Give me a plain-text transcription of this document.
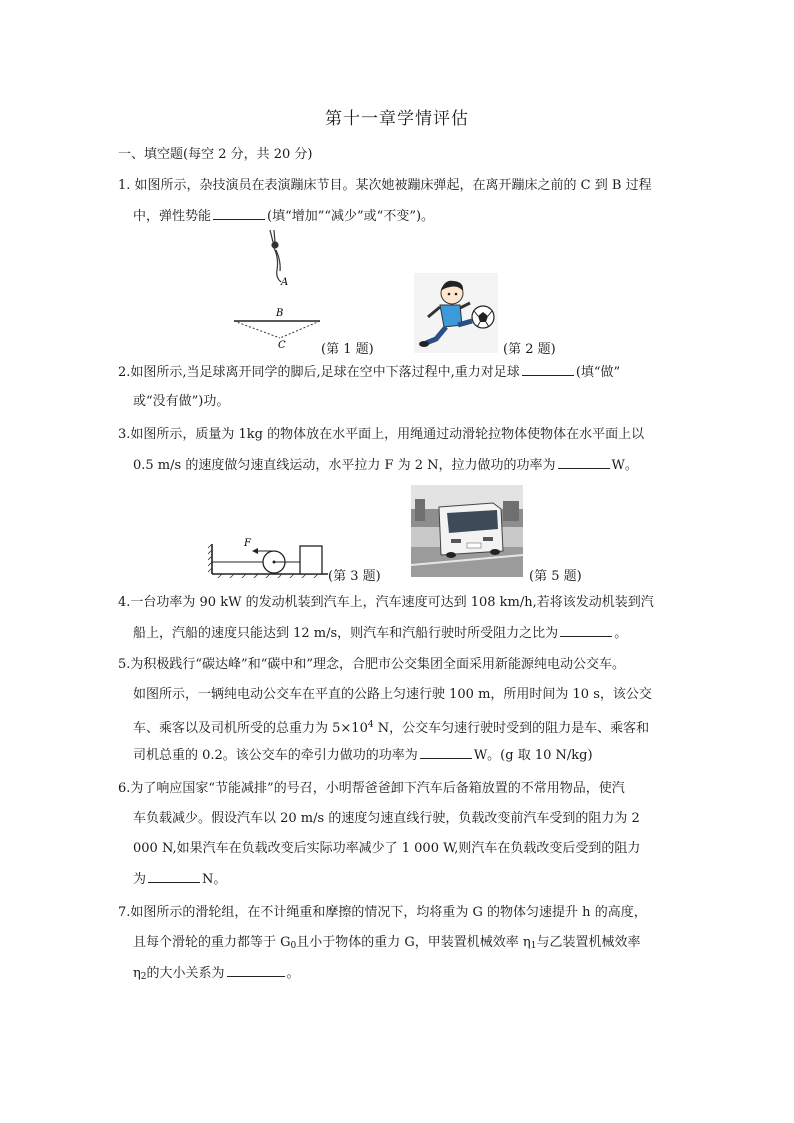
第十一章学情评估
一、填空题(每空 2 分，共 20 分)
1. 如图所示，杂技演员在表演蹦床节目。某次她被蹦床弹起，在离开蹦床之前的 C 到 B 过程
中，弹性势能	(填“增加”“减少”或“不变”)。
A
B
C	(第 1 题)	(第 2 题)
2.如图所示,当足球离开同学的脚后,足球在空中下落过程中,重力对足球	(填“做”
或“没有做”)功。
3.如图所示，质量为 1kg 的物体放在水平面上，用绳通过动滑轮拉物体使物体在水平面上以
0.5 m/s 的速度做匀速直线运动，水平拉力 F 为 2 N，拉力做功的功率为	W。
F
(第 3 题)	(第 5 题)
4.一台功率为 90 kW 的发动机装到汽车上，汽车速度可达到 108 km/h,若将该发动机装到汽
船上，汽船的速度只能达到 12 m/s，则汽车和汽船行驶时所受阻力之比为	。
5.为积极践行“碳达峰”和“碳中和”理念，合肥市公交集团全面采用新能源纯电动公交车。
如图所示，一辆纯电动公交车在平直的公路上匀速行驶 100 m，所用时间为 10 s，该公交
车、乘客以及司机所受的总重力为 $5\times 10^4$ N，公交车匀速行驶时受到的阻力是车、乘客和
司机总重的 0.2。该公交车的牵引力做功的功率为	W。(g 取 10 N/kg)
6.为了响应国家“节能减排”的号召，小明帮爸爸卸下汽车后备箱放置的不常用物品，使汽
车负载减少。假设汽车以 20 m/s 的速度匀速直线行驶，负载改变前汽车受到的阻力为 2
000 N,如果汽车在负载改变后实际功率减少了 1 000 W,则汽车在负载改变后受到的阻力
为	N。
7.如图所示的滑轮组，在不计绳重和摩擦的情况下，均将重为 G 的物体匀速提升 h 的高度，
且每个滑轮的重力都等于 $G_0$且小于物体的重力 G，甲装置机械效率 $\eta_1$与乙装置机械效率
$\eta_2$的大小关系为	。
